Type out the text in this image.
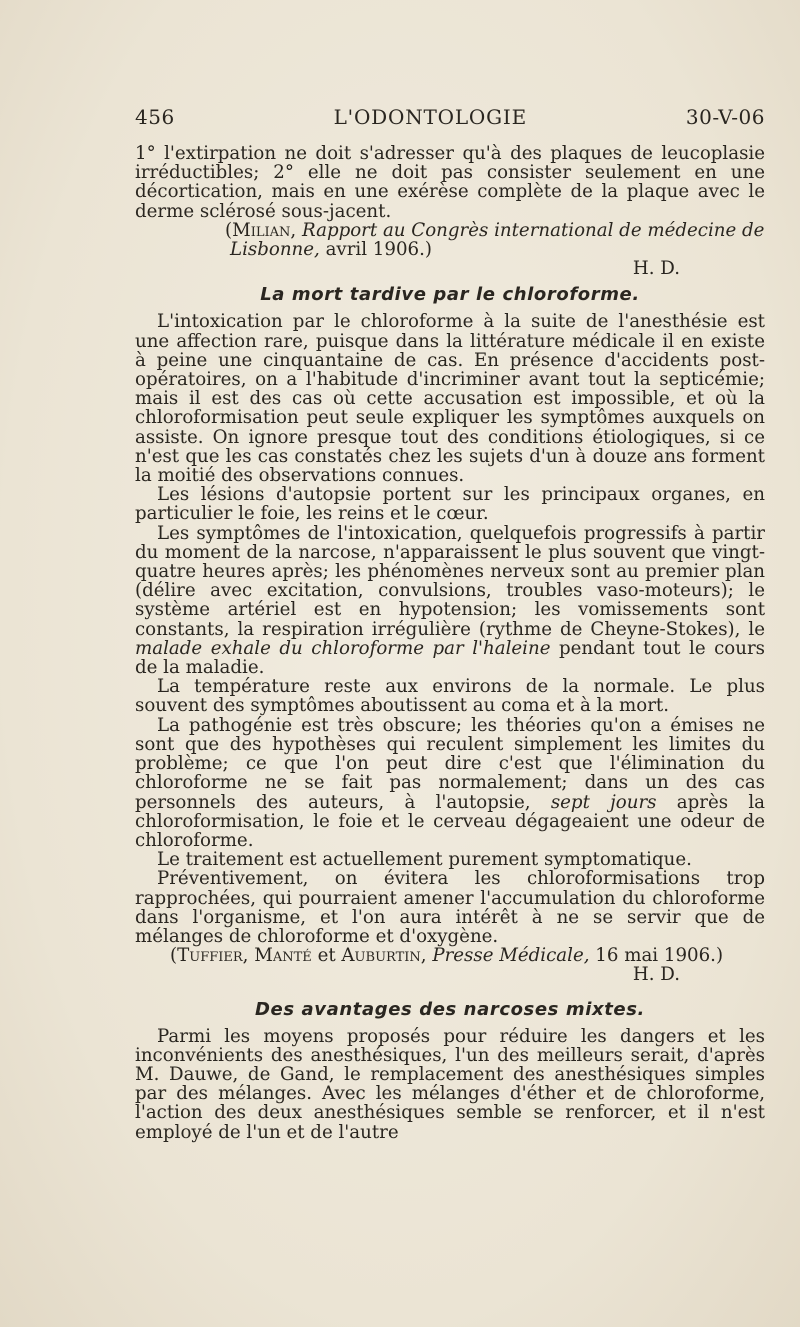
456	L'ODONTOLOGIE	30-V-06

1° l'extirpation ne doit s'adresser qu'à des plaques de leucoplasie irréductibles; 2° elle ne doit pas consister seulement en une décortication, mais en une exérèse complète de la plaque avec le derme sclérosé sous-jacent.

(Milian, Rapport au Congrès international de médecine de Lisbonne, avril 1906.)

H. D.

La mort tardive par le chloroforme.

L'intoxication par le chloroforme à la suite de l'anesthésie est une affection rare, puisque dans la littérature médicale il en existe à peine une cinquantaine de cas. En présence d'accidents post-opératoires, on a l'habitude d'incriminer avant tout la septicémie; mais il est des cas où cette accusation est impossible, et où la chloroformisation peut seule expliquer les symptômes auxquels on assiste. On ignore presque tout des conditions étiologiques, si ce n'est que les cas constatés chez les sujets d'un à douze ans forment la moitié des observations connues.

Les lésions d'autopsie portent sur les principaux organes, en particulier le foie, les reins et le cœur.

Les symptômes de l'intoxication, quelquefois progressifs à partir du moment de la narcose, n'apparaissent le plus souvent que vingt-quatre heures après; les phénomènes nerveux sont au premier plan (délire avec excitation, convulsions, troubles vaso-moteurs); le système artériel est en hypotension; les vomissements sont constants, la respiration irrégulière (rythme de Cheyne-Stokes), le malade exhale du chloroforme par l'haleine pendant tout le cours de la maladie.

La température reste aux environs de la normale. Le plus souvent des symptômes aboutissent au coma et à la mort.

La pathogénie est très obscure; les théories qu'on a émises ne sont que des hypothèses qui reculent simplement les limites du problème; ce que l'on peut dire c'est que l'élimination du chloroforme ne se fait pas normalement; dans un des cas personnels des auteurs, à l'autopsie, sept jours après la chloroformisation, le foie et le cerveau dégageaient une odeur de chloroforme.

Le traitement est actuellement purement symptomatique.

Préventivement, on évitera les chloroformisations trop rapprochées, qui pourraient amener l'accumulation du chloroforme dans l'organisme, et l'on aura intérêt à ne se servir que de mélanges de chloroforme et d'oxygène.

(Tuffier, Manté et Auburtin, Presse Médicale, 16 mai 1906.)

H. D.

Des avantages des narcoses mixtes.

Parmi les moyens proposés pour réduire les dangers et les inconvénients des anesthésiques, l'un des meilleurs serait, d'après M. Dauwe, de Gand, le remplacement des anesthésiques simples par des mélanges. Avec les mélanges d'éther et de chloroforme, l'action des deux anesthésiques semble se renforcer, et il n'est employé de l'un et de l'autre
